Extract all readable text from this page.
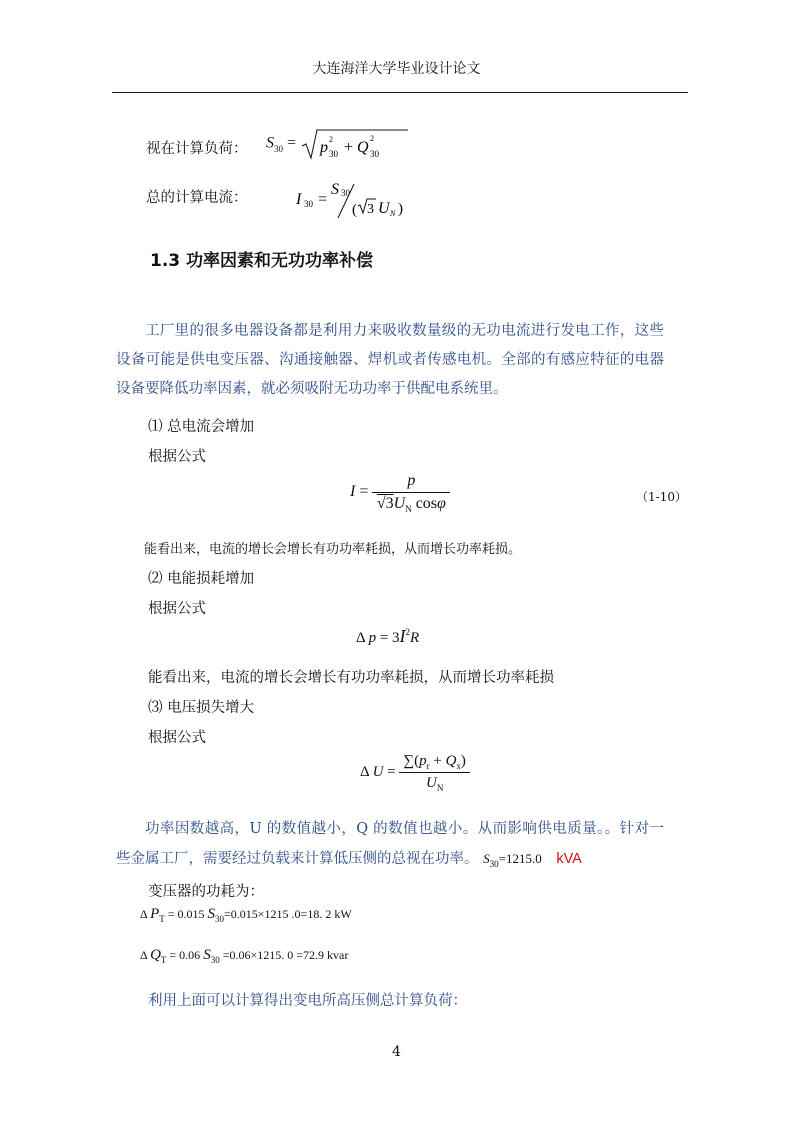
大连海洋大学毕业设计论文
视在计算负荷： $S_{30} = p$ 2
30 + Q
2
30
总的计算电流：	I 30 =
S 30
( 3 U N )
1.3 功率因素和无功功率补偿
工厂里的很多电器设备都是利用力来吸收数量级的无功电流进行发电工作，这些设备可能是供电变压器、沟通接触器、焊机或者传感电机。全部的有感应特征的电器设备要降低功率因素，就必须吸附无功功率于供配电系统里。
⑴ 总电流会增加
根据公式
$I = \frac{p}{√3U_N \cos\varphi}$	（1-10）
能看出来，电流的增长会增长有功功率耗损，从而增长功率耗损。
⑵ 电能损耗增加
根据公式
Δ $p = 3I^2R$
能看出来，电流的增长会增长有功功率耗损，从而增长功率耗损
⑶ 电压损失增大
根据公式
Δ $U = \frac{\sum(p_r + Q_x)}{U_N}$
功率因数越高，U 的数值越小，Q 的数值也越小。从而影响供电质量。。针对一些金属工厂，需要经过负载来计算低压侧的总视在功率。 $S_{30}=1215.0$ kVA
变压器的功耗为：
Δ $P_T = 0.015$ $S_{30}=0.015\times 1215$ .0=18. 2 kW
Δ $Q_T = 0.06$ $S_{30} =0.06\times 1215$. 0 =72.9 kvar
利用上面可以计算得出变电所高压侧总计算负荷：
4
